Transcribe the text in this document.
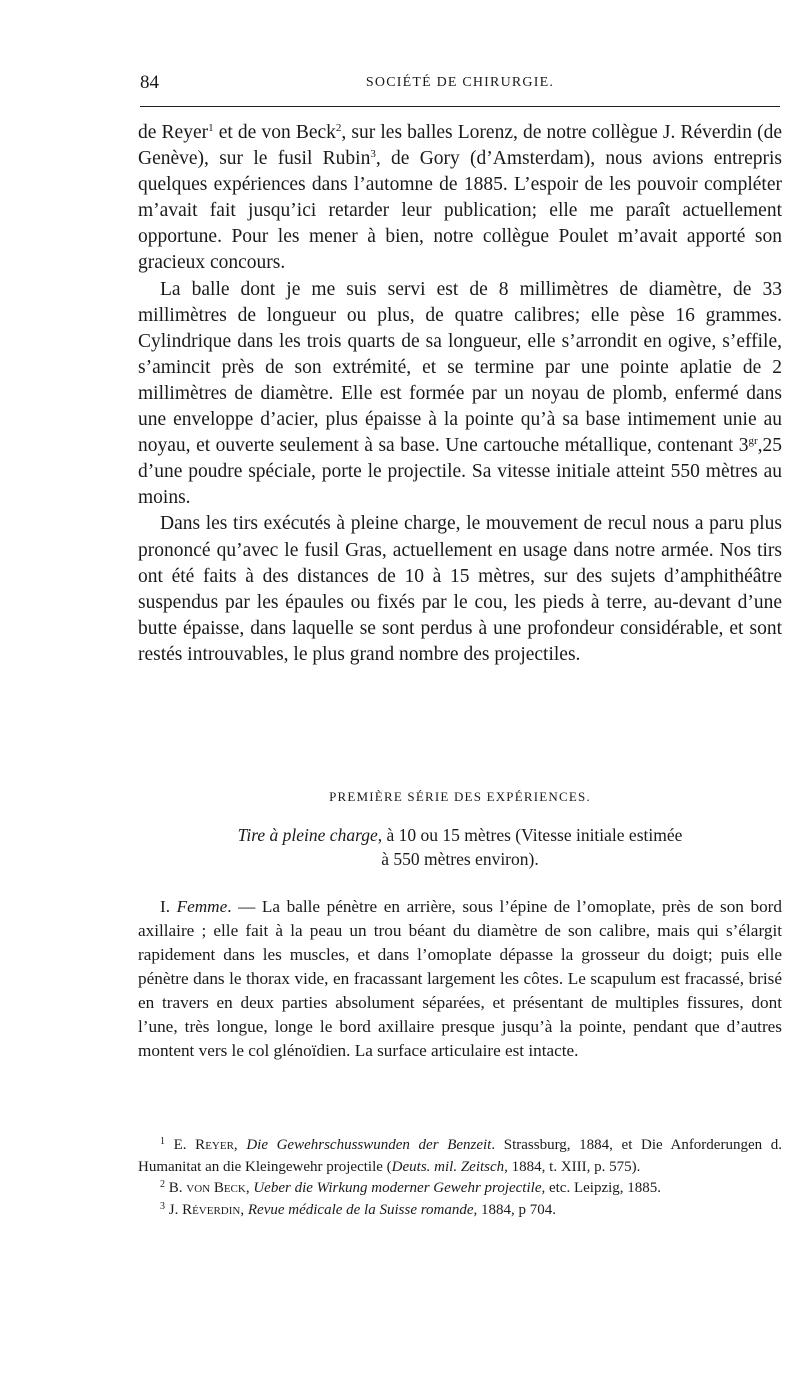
84	SOCIÉTÉ DE CHIRURGIE.

de Reyer$^1$ et de von Beck$^2$, sur les balles Lorenz, de notre collègue J. Réverdin (de Genève), sur le fusil Rubin$^3$, de Gory (d’Amsterdam), nous avions entrepris quelques expériences dans l’automne de 1885. L’espoir de les pouvoir compléter m’avait fait jusqu’ici retarder leur publication; elle me paraît actuellement opportune. Pour les mener à bien, notre collègue Poulet m’avait apporté son gracieux concours.

La balle dont je me suis servi est de 8 millimètres de diamètre, de 33 millimètres de longueur ou plus, de quatre calibres; elle pèse 16 grammes. Cylindrique dans les trois quarts de sa longueur, elle s’arrondit en ogive, s’effile, s’amincit près de son extrémité, et se termine par une pointe aplatie de 2 millimètres de diamètre. Elle est formée par un noyau de plomb, enfermé dans une enveloppe d’acier, plus épaisse à la pointe qu’à sa base intimement unie au noyau, et ouverte seulement à sa base. Une cartouche métallique, contenant $3^{gr},25$ d’une poudre spéciale, porte le projectile. Sa vitesse initiale atteint 550 mètres au moins.

Dans les tirs exécutés à pleine charge, le mouvement de recul nous a paru plus prononcé qu’avec le fusil Gras, actuellement en usage dans notre armée. Nos tirs ont été faits à des distances de 10 à 15 mètres, sur des sujets d’amphithéâtre suspendus par les épaules ou fixés par le cou, les pieds à terre, au-devant d’une butte épaisse, dans laquelle se sont perdus à une profondeur considérable, et sont restés introuvables, le plus grand nombre des projectiles.

PREMIÈRE SÉRIE DES EXPÉRIENCES.
Tire à pleine charge, à 10 ou 15 mètres (Vitesse initiale estimée
à 550 mètres environ).

I. Femme. — La balle pénètre en arrière, sous l’épine de l’omoplate, près de son bord axillaire ; elle fait à la peau un trou béant du diamètre de son calibre, mais qui s’élargit rapidement dans les muscles, et dans l’omoplate dépasse la grosseur du doigt; puis elle pénètre dans le thorax vide, en fracassant largement les côtes. Le scapulum est fracassé, brisé en travers en deux parties absolument séparées, et présentant de multiples fissures, dont l’une, très longue, longe le bord axillaire presque jusqu’à la pointe, pendant que d’autres montent vers le col glénoïdien. La surface articulaire est intacte.

$^1$ E. Reyer, Die Gewehrschusswunden der Benzeit. Strassburg, 1884, et Die Anforderungen d. Humanitat an die Kleingewehr projectile (Deuts. mil. Zeitsch, 1884, t. XIII, p. 575).

$^2$ B. von Beck, Ueber die Wirkung moderner Gewehr projectile, etc. Leipzig, 1885.

$^3$ J. Réverdin, Revue médicale de la Suisse romande, 1884, p 704.
